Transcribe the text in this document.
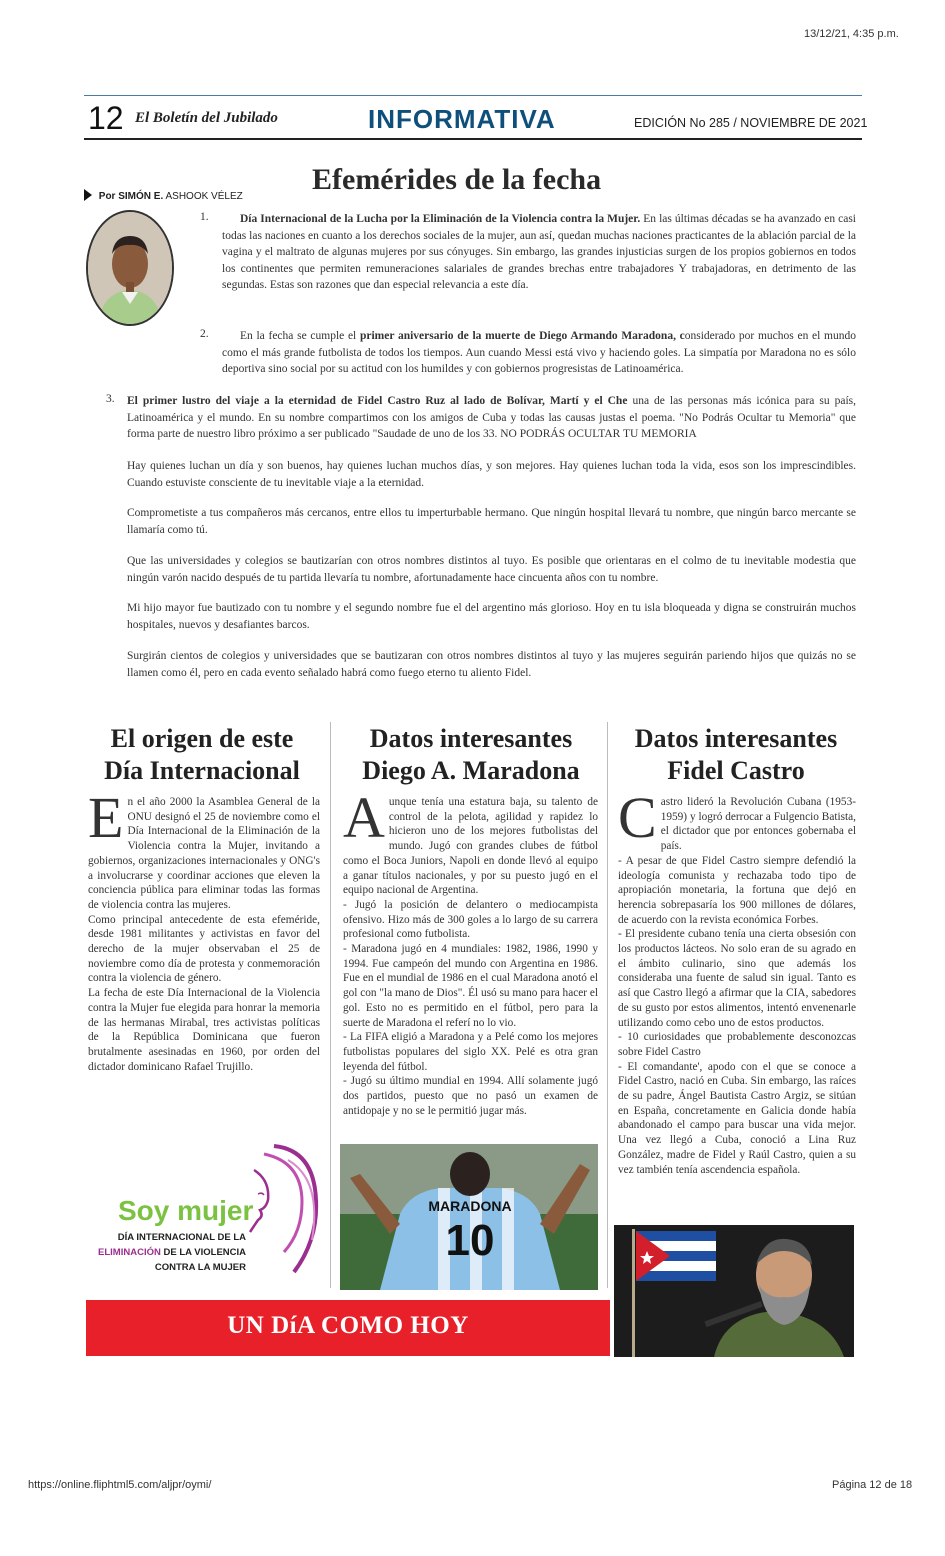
13/12/21, 4:35 p.m.
https://online.fliphtml5.com/aljpr/oymi/	Página 12 de 18
12 El Boletín del Jubilado	INFORMATIVA	EDICIÓN No 285 / NOVIEMBRE DE 2021
Efemérides de la fecha
Por SIMÓN E. ASHOOK VÉLEZ
1.	Día Internacional de la Lucha por la Eliminación de la Violencia contra la Mujer. En las últimas décadas se ha avanzado en casi todas las naciones en cuanto a los derechos sociales de la mujer, aun así, quedan muchas naciones practicantes de la ablación parcial de la vagina y el maltrato de algunas mujeres por sus cónyuges. Sin embargo, las grandes injusticias surgen de los propios gobiernos en todos los continentes que permiten remuneraciones salariales de grandes brechas entre trabajadores Y trabajadoras, en detrimento de las segundas. Estas son razones que dan especial relevancia a este día.
2.	En la fecha se cumple el primer aniversario de la muerte de Diego Armando Maradona, considerado por muchos en el mundo como el más grande futbolista de todos los tiempos. Aun cuando Messi está vivo y haciendo goles. La simpatía por Maradona no es sólo deportiva sino social por su actitud con los humildes y con gobiernos progresistas de Latinoamérica.
3. El primer lustro del viaje a la eternidad de Fidel Castro Ruz al lado de Bolívar, Martí y el Che una de las personas más icónica para su país, Latinoamérica y el mundo. En su nombre compartimos con los amigos de Cuba y todas las causas justas el poema. "No Podrás Ocultar tu Memoria" que forma parte de nuestro libro próximo a ser publicado "Saudade de uno de los 33. NO PODRÁS OCULTAR TU MEMORIA
Hay quienes luchan un día y son buenos, hay quienes luchan muchos días, y son mejores. Hay quienes luchan toda la vida, esos son los imprescindibles. Cuando estuviste consciente de tu inevitable viaje a la eternidad.
Comprometiste a tus compañeros más cercanos, entre ellos tu imperturbable hermano. Que ningún hospital llevará tu nombre, que ningún barco mercante se llamaría como tú.
Que las universidades y colegios se bautizarían con otros nombres distintos al tuyo. Es posible que orientaras en el colmo de tu inevitable modestia que ningún varón nacido después de tu partida llevaría tu nombre, afortunadamente hace cincuenta años con tu nombre.
Mi hijo mayor fue bautizado con tu nombre y el segundo nombre fue el del argentino más glorioso. Hoy en tu isla bloqueada y digna se construirán muchos hospitales, nuevos y desafiantes barcos.
Surgirán cientos de colegios y universidades que se bautizaran con otros nombres distintos al tuyo y las mujeres seguirán pariendo hijos que quizás no se llamen como él, pero en cada evento señalado habrá como fuego eterno tu aliento Fidel.
El origen de este
Día Internacional

En el año 2000 la Asamblea General de la ONU designó el 25 de noviembre como el Día Internacional de la Eliminación de la Violencia contra la Mujer, invitando a gobiernos, organizaciones internacionales y ONG's a involucrarse y coordinar acciones que eleven la conciencia pública para eliminar todas las formas de violencia contra las mujeres.

Como principal antecedente de esta efeméride, desde 1981 militantes y activistas en favor del derecho de la mujer observaban el 25 de noviembre como día de protesta y conmemoración contra la violencia de género.

La fecha de este Día Internacional de la Violencia contra la Mujer fue elegida para honrar la memoria de las hermanas Mirabal, tres activistas políticas de la República Dominicana que fueron brutalmente asesinadas en 1960, por orden del dictador dominicano Rafael Trujillo.

Soy mujer
DÍA INTERNACIONAL DE LA
ELIMINACIÓN DE LA VIOLENCIA
CONTRA LA MUJER
Datos interesantes
Diego A. Maradona

Aunque tenía una estatura baja, su talento de control de la pelota, agilidad y rapidez lo hicieron uno de los mejores futbolistas del mundo. Jugó con grandes clubes de fútbol como el Boca Juniors, Napoli en donde llevó al equipo a ganar títulos nacionales, y por su puesto jugó en el equipo nacional de Argentina.

- Jugó la posición de delantero o mediocampista ofensivo. Hizo más de 300 goles a lo largo de su carrera profesional como futbolista.

- Maradona jugó en 4 mundiales: 1982, 1986, 1990 y 1994. Fue campeón del mundo con Argentina en 1986. Fue en el mundial de 1986 en el cual Maradona anotó el gol con "la mano de Dios". Él usó su mano para hacer el gol. Esto no es permitido en el fútbol, pero para la suerte de Maradona el referí no lo vio.

- La FIFA eligió a Maradona y a Pelé como los mejores futbolistas populares del siglo XX. Pelé es otra gran leyenda del fútbol.

- Jugó su último mundial en 1994. Allí solamente jugó dos partidos, puesto que no pasó un examen de antidopaje y no se le permitió jugar más.

MARADONA
10
Datos interesantes
Fidel Castro

Castro lideró la Revolución Cubana (1953-1959) y logró derrocar a Fulgencio Batista, el dictador que por entonces gobernaba el país.

- A pesar de que Fidel Castro siempre defendió la ideología comunista y rechazaba todo tipo de apropiación monetaria, la fortuna que dejó en herencia sobrepasaría los 900 millones de dólares, de acuerdo con la revista económica Forbes.

- El presidente cubano tenía una cierta obsesión con los productos lácteos. No solo eran de su agrado en el ámbito culinario, sino que además los consideraba una fuente de salud sin igual. Tanto es así que Castro llegó a afirmar que la CIA, sabedores de su gusto por estos alimentos, intentó envenenarle utilizando como cebo uno de estos productos.

- 10 curiosidades que probablemente desconozcas sobre Fidel Castro

- El comandante', apodo con el que se conoce a Fidel Castro, nació en Cuba. Sin embargo, las raíces de su padre, Ángel Bautista Castro Argiz, se sitúan en España, concretamente en Galicia donde había abandonado el campo para buscar una vida mejor. Una vez llegó a Cuba, conoció a Lina Ruz González, madre de Fidel y Raúl Castro, quien a su vez también tenía ascendencia española.

UN DíA COMO HOY
